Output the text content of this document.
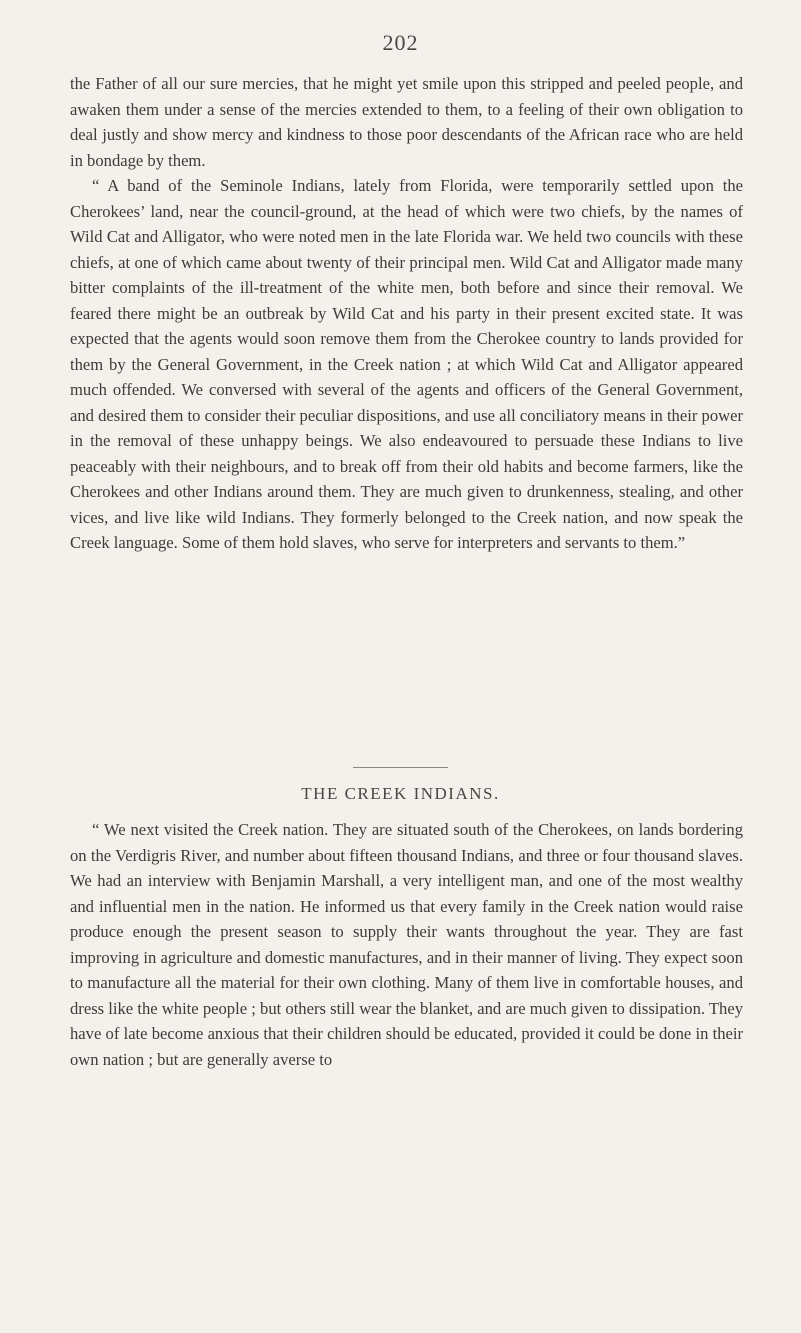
202

the Father of all our sure mercies, that he might yet smile upon this stripped and peeled people, and awaken them under a sense of the mercies extended to them, to a feeling of their own obligation to deal justly and show mercy and kindness to those poor descendants of the African race who are held in bondage by them.

“ A band of the Seminole Indians, lately from Florida, were temporarily settled upon the Cherokees’ land, near the council-ground, at the head of which were two chiefs, by the names of Wild Cat and Alligator, who were noted men in the late Florida war. We held two councils with these chiefs, at one of which came about twenty of their principal men. Wild Cat and Alligator made many bitter complaints of the ill-treatment of the white men, both before and since their removal. We feared there might be an outbreak by Wild Cat and his party in their present excited state. It was expected that the agents would soon remove them from the Cherokee country to lands provided for them by the General Government, in the Creek nation ; at which Wild Cat and Alligator appeared much offended. We conversed with several of the agents and officers of the General Government, and desired them to consider their peculiar dispositions, and use all conciliatory means in their power in the removal of these unhappy beings. We also endeavoured to persuade these Indians to live peaceably with their neighbours, and to break off from their old habits and become farmers, like the Cherokees and other Indians around them. They are much given to drunkenness, stealing, and other vices, and live like wild Indians. They formerly belonged to the Creek nation, and now speak the Creek language. Some of them hold slaves, who serve for interpreters and servants to them.”

THE CREEK INDIANS.

“ We next visited the Creek nation. They are situated south of the Cherokees, on lands bordering on the Verdigris River, and number about fifteen thousand Indians, and three or four thousand slaves. We had an interview with Benjamin Marshall, a very intelligent man, and one of the most wealthy and influential men in the nation. He informed us that every family in the Creek nation would raise produce enough the present season to supply their wants throughout the year. They are fast improving in agriculture and domestic manufactures, and in their manner of living. They expect soon to manufacture all the material for their own clothing. Many of them live in comfortable houses, and dress like the white people ; but others still wear the blanket, and are much given to dissipation. They have of late become anxious that their children should be educated, provided it could be done in their own nation ; but are generally averse to
